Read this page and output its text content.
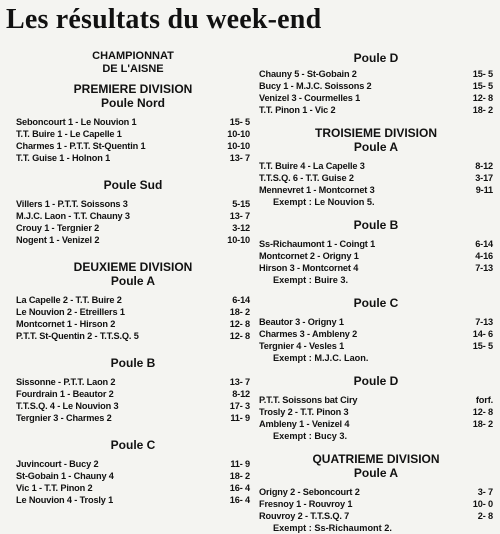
Les résultats du week-end
CHAMPIONNAT
DE L'AISNE
PREMIERE DIVISION
Poule Nord
Seboncourt 1 - Le Nouvion 1	15- 5
T.T. Buire 1 - Le Capelle 1	10-10
Charmes 1 - P.T.T. St-Quentin 1	10-10
T.T. Guise 1 - Holnon 1	13- 7
Poule Sud
Villers 1 - P.T.T. Soissons 3	5-15
M.J.C. Laon - T.T. Chauny 3	13- 7
Crouy 1 - Tergnier 2	3-12
Nogent 1 - Venizel 2	10-10
DEUXIEME DIVISION
Poule A
La Capelle 2 - T.T. Buire 2	6-14
Le Nouvion 2 - Etreillers 1	18- 2
Montcornet 1 - Hirson 2	12- 8
P.T.T. St-Quentin 2 - T.T.S.Q. 5	12- 8
Poule B
Sissonne - P.T.T. Laon 2	13- 7
Fourdrain 1 - Beautor 2	8-12
T.T.S.Q. 4 - Le Nouvion 3	17- 3
Tergnier 3 - Charmes 2	11- 9
Poule C
Juvincourt - Bucy 2	11- 9
St-Gobain 1 - Chauny 4	18- 2
Vic 1 - T.T. Pinon 2	16- 4
Le Nouvion 4 - Trosly 1	16- 4
Poule D
Chauny 5 - St-Gobain 2	15- 5
Bucy 1 - M.J.C. Soissons 2	15- 5
Venizel 3 - Courmelles 1	12- 8
T.T. Pinon 1 - Vic 2	18- 2
TROISIEME DIVISION
Poule A
T.T. Buire 4 - La Capelle 3	8-12
T.T.S.Q. 6 - T.T. Guise 2	3-17
Mennevret 1 - Montcornet 3	9-11
Exempt : Le Nouvion 5.
Poule B
Ss-Richaumont 1 - Coingt 1	6-14
Montcornet 2 - Origny 1	4-16
Hirson 3 - Montcornet 4	7-13
Exempt : Buire 3.
Poule C
Beautor 3 - Origny 1	7-13
Charmes 3 - Ambleny 2	14- 6
Tergnier 4 - Vesles 1	15- 5
Exempt : M.J.C. Laon.
Poule D
P.T.T. Soissons bat Ciry	forf.
Trosly 2 - T.T. Pinon 3	12- 8
Ambleny 1 - Venizel 4	18- 2
Exempt : Bucy 3.
QUATRIEME DIVISION
Poule A
Origny 2 - Seboncourt 2	3- 7
Fresnoy 1 - Rouvroy 1	10- 0
Rouvroy 2 - T.T.S.Q. 7	2- 8
Exempt : Ss-Richaumont 2.
